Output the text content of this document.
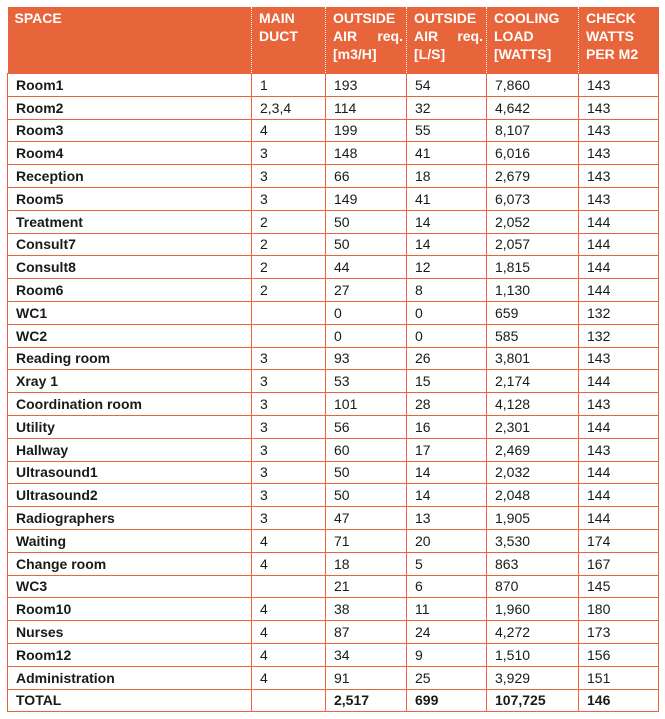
SPACE	MAIN DUCT	OUTSIDE AIR req. [m3/H]	OUTSIDE AIR req. [L/S]	COOLING LOAD [WATTS]	CHECK WATTS PER M2
Room1	1	193	54	7,860	143
Room2	2,3,4	114	32	4,642	143
Room3	4	199	55	8,107	143
Room4	3	148	41	6,016	143
Reception	3	66	18	2,679	143
Room5	3	149	41	6,073	143
Treatment	2	50	14	2,052	144
Consult7	2	50	14	2,057	144
Consult8	2	44	12	1,815	144
Room6	2	27	8	1,130	144
WC1		0	0	659	132
WC2		0	0	585	132
Reading room	3	93	26	3,801	143
Xray 1	3	53	15	2,174	144
Coordination room	3	101	28	4,128	143
Utility	3	56	16	2,301	144
Hallway	3	60	17	2,469	143
Ultrasound1	3	50	14	2,032	144
Ultrasound2	3	50	14	2,048	144
Radiographers	3	47	13	1,905	144
Waiting	4	71	20	3,530	174
Change room	4	18	5	863	167
WC3		21	6	870	145
Room10	4	38	11	1,960	180
Nurses	4	87	24	4,272	173
Room12	4	34	9	1,510	156
Administration	4	91	25	3,929	151
TOTAL		2,517	699	107,725	146
